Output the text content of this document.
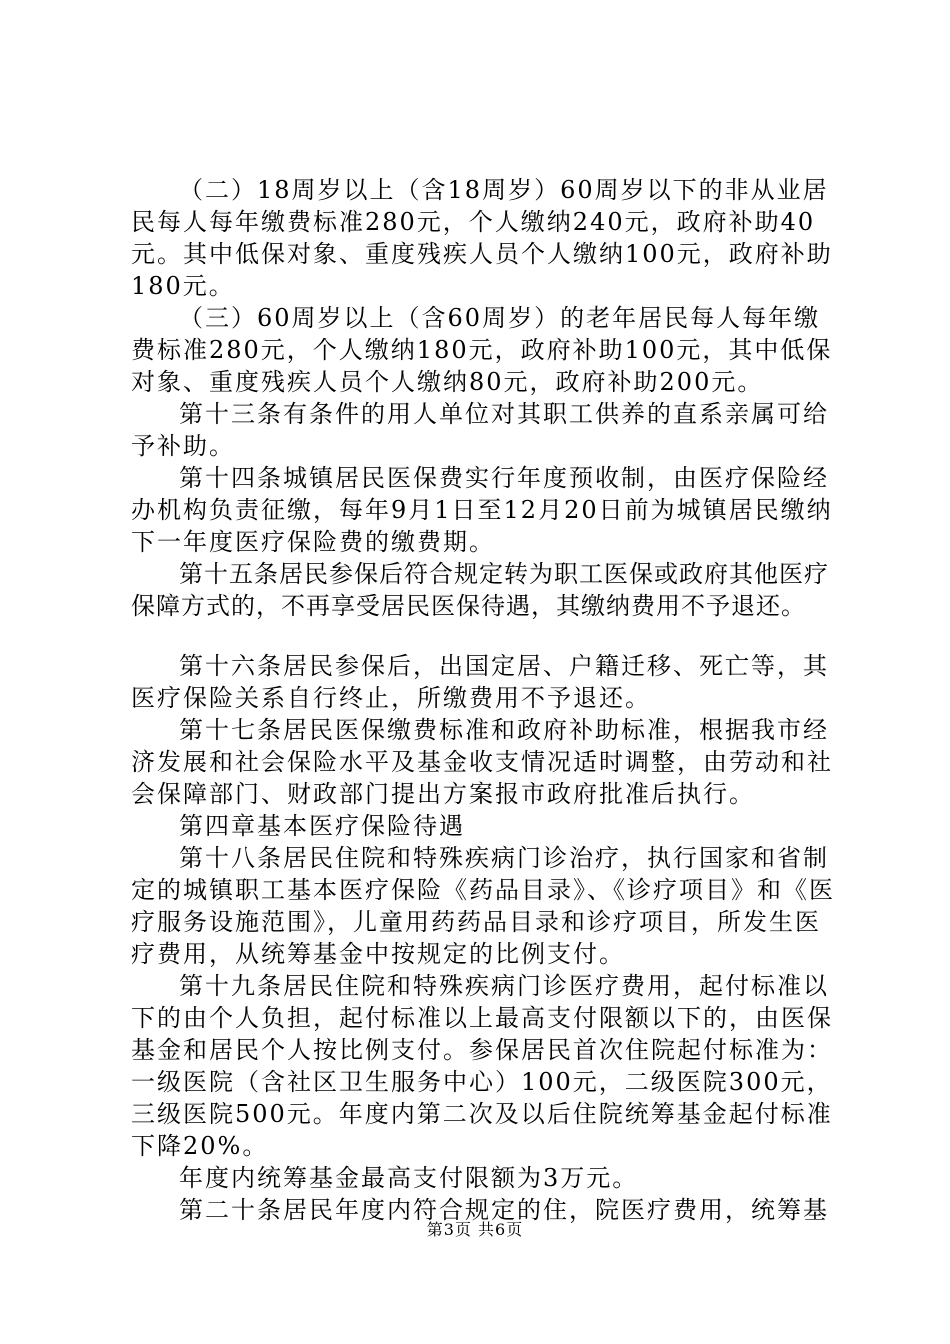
（二）18周岁以上（含18周岁）60周岁以下的非从业居民每人每年缴费标准280元，个人缴纳240元，政府补助40元。其中低保对象、重度残疾人员个人缴纳100元，政府补助180元。

（三）60周岁以上（含60周岁）的老年居民每人每年缴费标准280元，个人缴纳180元，政府补助100元，其中低保对象、重度残疾人员个人缴纳80元，政府补助200元。

第十三条有条件的用人单位对其职工供养的直系亲属可给予补助。

第十四条城镇居民医保费实行年度预收制，由医疗保险经办机构负责征缴，每年9月1日至12月20日前为城镇居民缴纳下一年度医疗保险费的缴费期。

第十五条居民参保后符合规定转为职工医保或政府其他医疗保障方式的，不再享受居民医保待遇，其缴纳费用不予退还。

第十六条居民参保后，出国定居、户籍迁移、死亡等，其医疗保险关系自行终止，所缴费用不予退还。

第十七条居民医保缴费标准和政府补助标准，根据我市经济发展和社会保险水平及基金收支情况适时调整，由劳动和社会保障部门、财政部门提出方案报市政府批准后执行。

第四章基本医疗保险待遇

第十八条居民住院和特殊疾病门诊治疗，执行国家和省制定的城镇职工基本医疗保险《药品目录》、《诊疗项目》和《医疗服务设施范围》，儿童用药药品目录和诊疗项目，所发生医疗费用，从统筹基金中按规定的比例支付。

第十九条居民住院和特殊疾病门诊医疗费用，起付标准以下的由个人负担，起付标准以上最高支付限额以下的，由医保基金和居民个人按比例支付。参保居民首次住院起付标准为：一级医院（含社区卫生服务中心）100元，二级医院300元，三级医院500元。年度内第二次及以后住院统筹基金起付标准下降20%。

年度内统筹基金最高支付限额为3万元。

第二十条居民年度内符合规定的住，院医疗费用，统筹基

第3页 共6页
